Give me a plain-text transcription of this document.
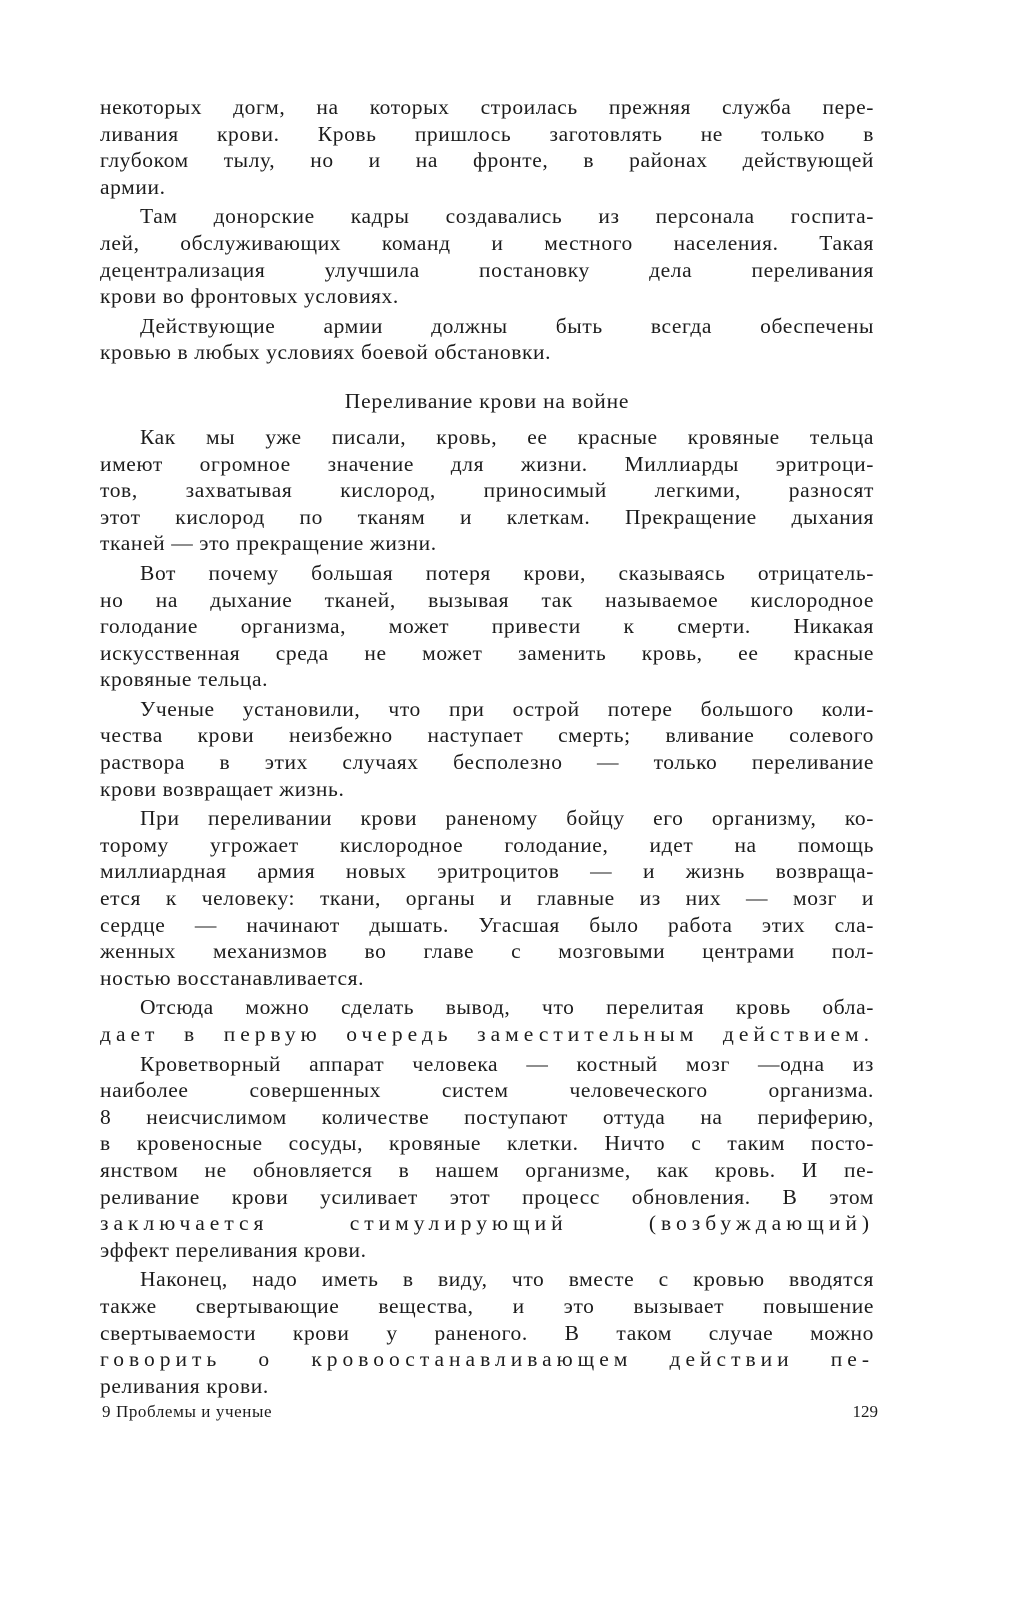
некоторых догм, на которых строилась прежняя служба пере-
ливания крови. Кровь пришлось заготовлять не только в
глубоком тылу, но и на фронте, в районах действующей
армии.
Там донорские кадры создавались из персонала госпита-
лей, обслуживающих команд и местного населения. Такая
децентрализация улучшила постановку дела переливания
крови во фронтовых условиях.
Действующие армии должны быть всегда обеспечены
кровью в любых условиях боевой обстановки.
Переливание крови на войне
Как мы уже писали, кровь, ее красные кровяные тельца
имеют огромное значение для жизни. Миллиарды эритроци-
тов, захватывая кислород, приносимый легкими, разносят
этот кислород по тканям и клеткам. Прекращение дыхания
тканей — это прекращение жизни.
Вот почему большая потеря крови, сказываясь отрицатель-
но на дыхание тканей, вызывая так называемое кислородное
голодание организма, может привести к смерти. Никакая
искусственная среда не может заменить кровь, ее красные
кровяные тельца.
Ученые установили, что при острой потере большого коли-
чества крови неизбежно наступает смерть; вливание солевого
раствора в этих случаях бесполезно — только переливание
крови возвращает жизнь.
При переливании крови раненому бойцу его организму, ко-
торому угрожает кислородное голодание, идет на помощь
миллиардная армия новых эритроцитов — и жизнь возвраща-
ется к человеку: ткани, органы и главные из них — мозг и
сердце — начинают дышать. Угасшая было работа этих сла-
женных механизмов во главе с мозговыми центрами пол-
ностью восстанавливается.
Отсюда можно сделать вывод, что перелитая кровь обла-
дает в первую очередь заместительным действием.
Кроветворный аппарат человека — костный мозг —одна из
наиболее совершенных систем человеческого организма.
8 неисчислимом количестве поступают оттуда на периферию,
в кровеносные сосуды, кровяные клетки. Ничто с таким посто-
янством не обновляется в нашем организме, как кровь. И пе-
реливание крови усиливает этот процесс обновления. В этом
заключается стимулирующий (возбуждающий)
эффект переливания крови.
Наконец, надо иметь в виду, что вместе с кровью вводятся
также свертывающие вещества, и это вызывает повышение
свертываемости крови у раненого. В таком случае можно
говорить о кровоостанавливающем действии пе-
реливания крови.
9 Проблемы и ученые	129
